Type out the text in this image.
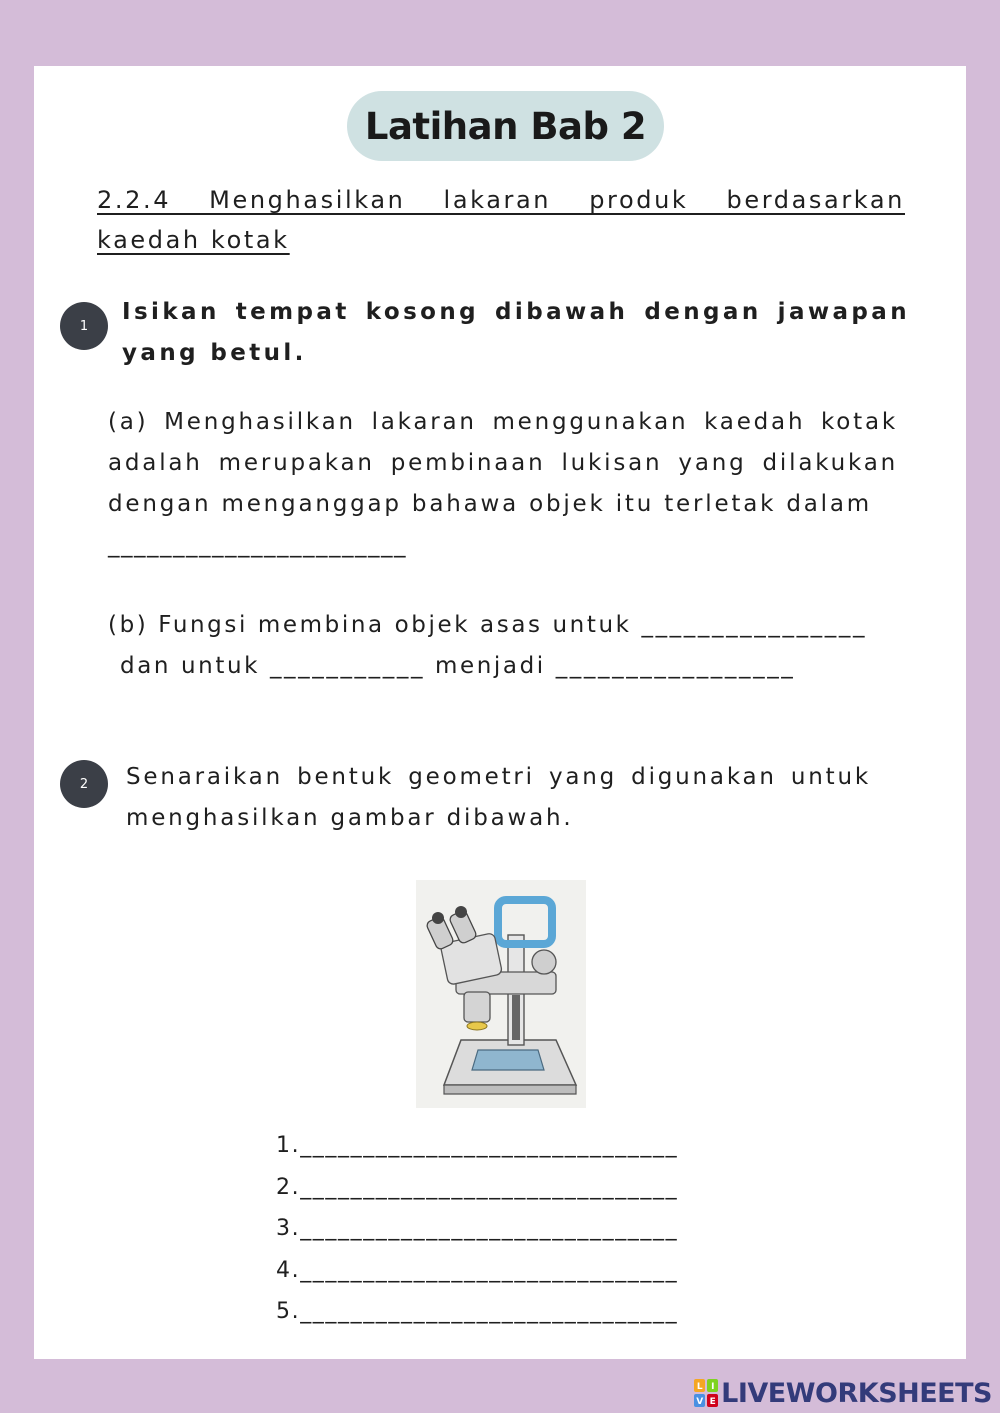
Latihan Bab 2
2.2.4 Menghasilkan lakaran produk berdasarkan kaedah kotak
1
Isikan tempat kosong dibawah dengan jawapan yang betul.
(a) Menghasilkan lakaran menggunakan kaedah kotak adalah merupakan pembinaan lukisan yang dilakukan dengan menganggap bahawa objek itu terletak dalam
_______________________
(b) Fungsi membina objek asas untuk ________________
dan untuk ___________ menjadi _________________
2	Senaraikan bentuk geometri yang digunakan untuk menghasilkan gambar dibawah.
1.______________________________
2.______________________________
3.______________________________
4.______________________________
5.______________________________
L I
V E LIVEWORKSHEETS
